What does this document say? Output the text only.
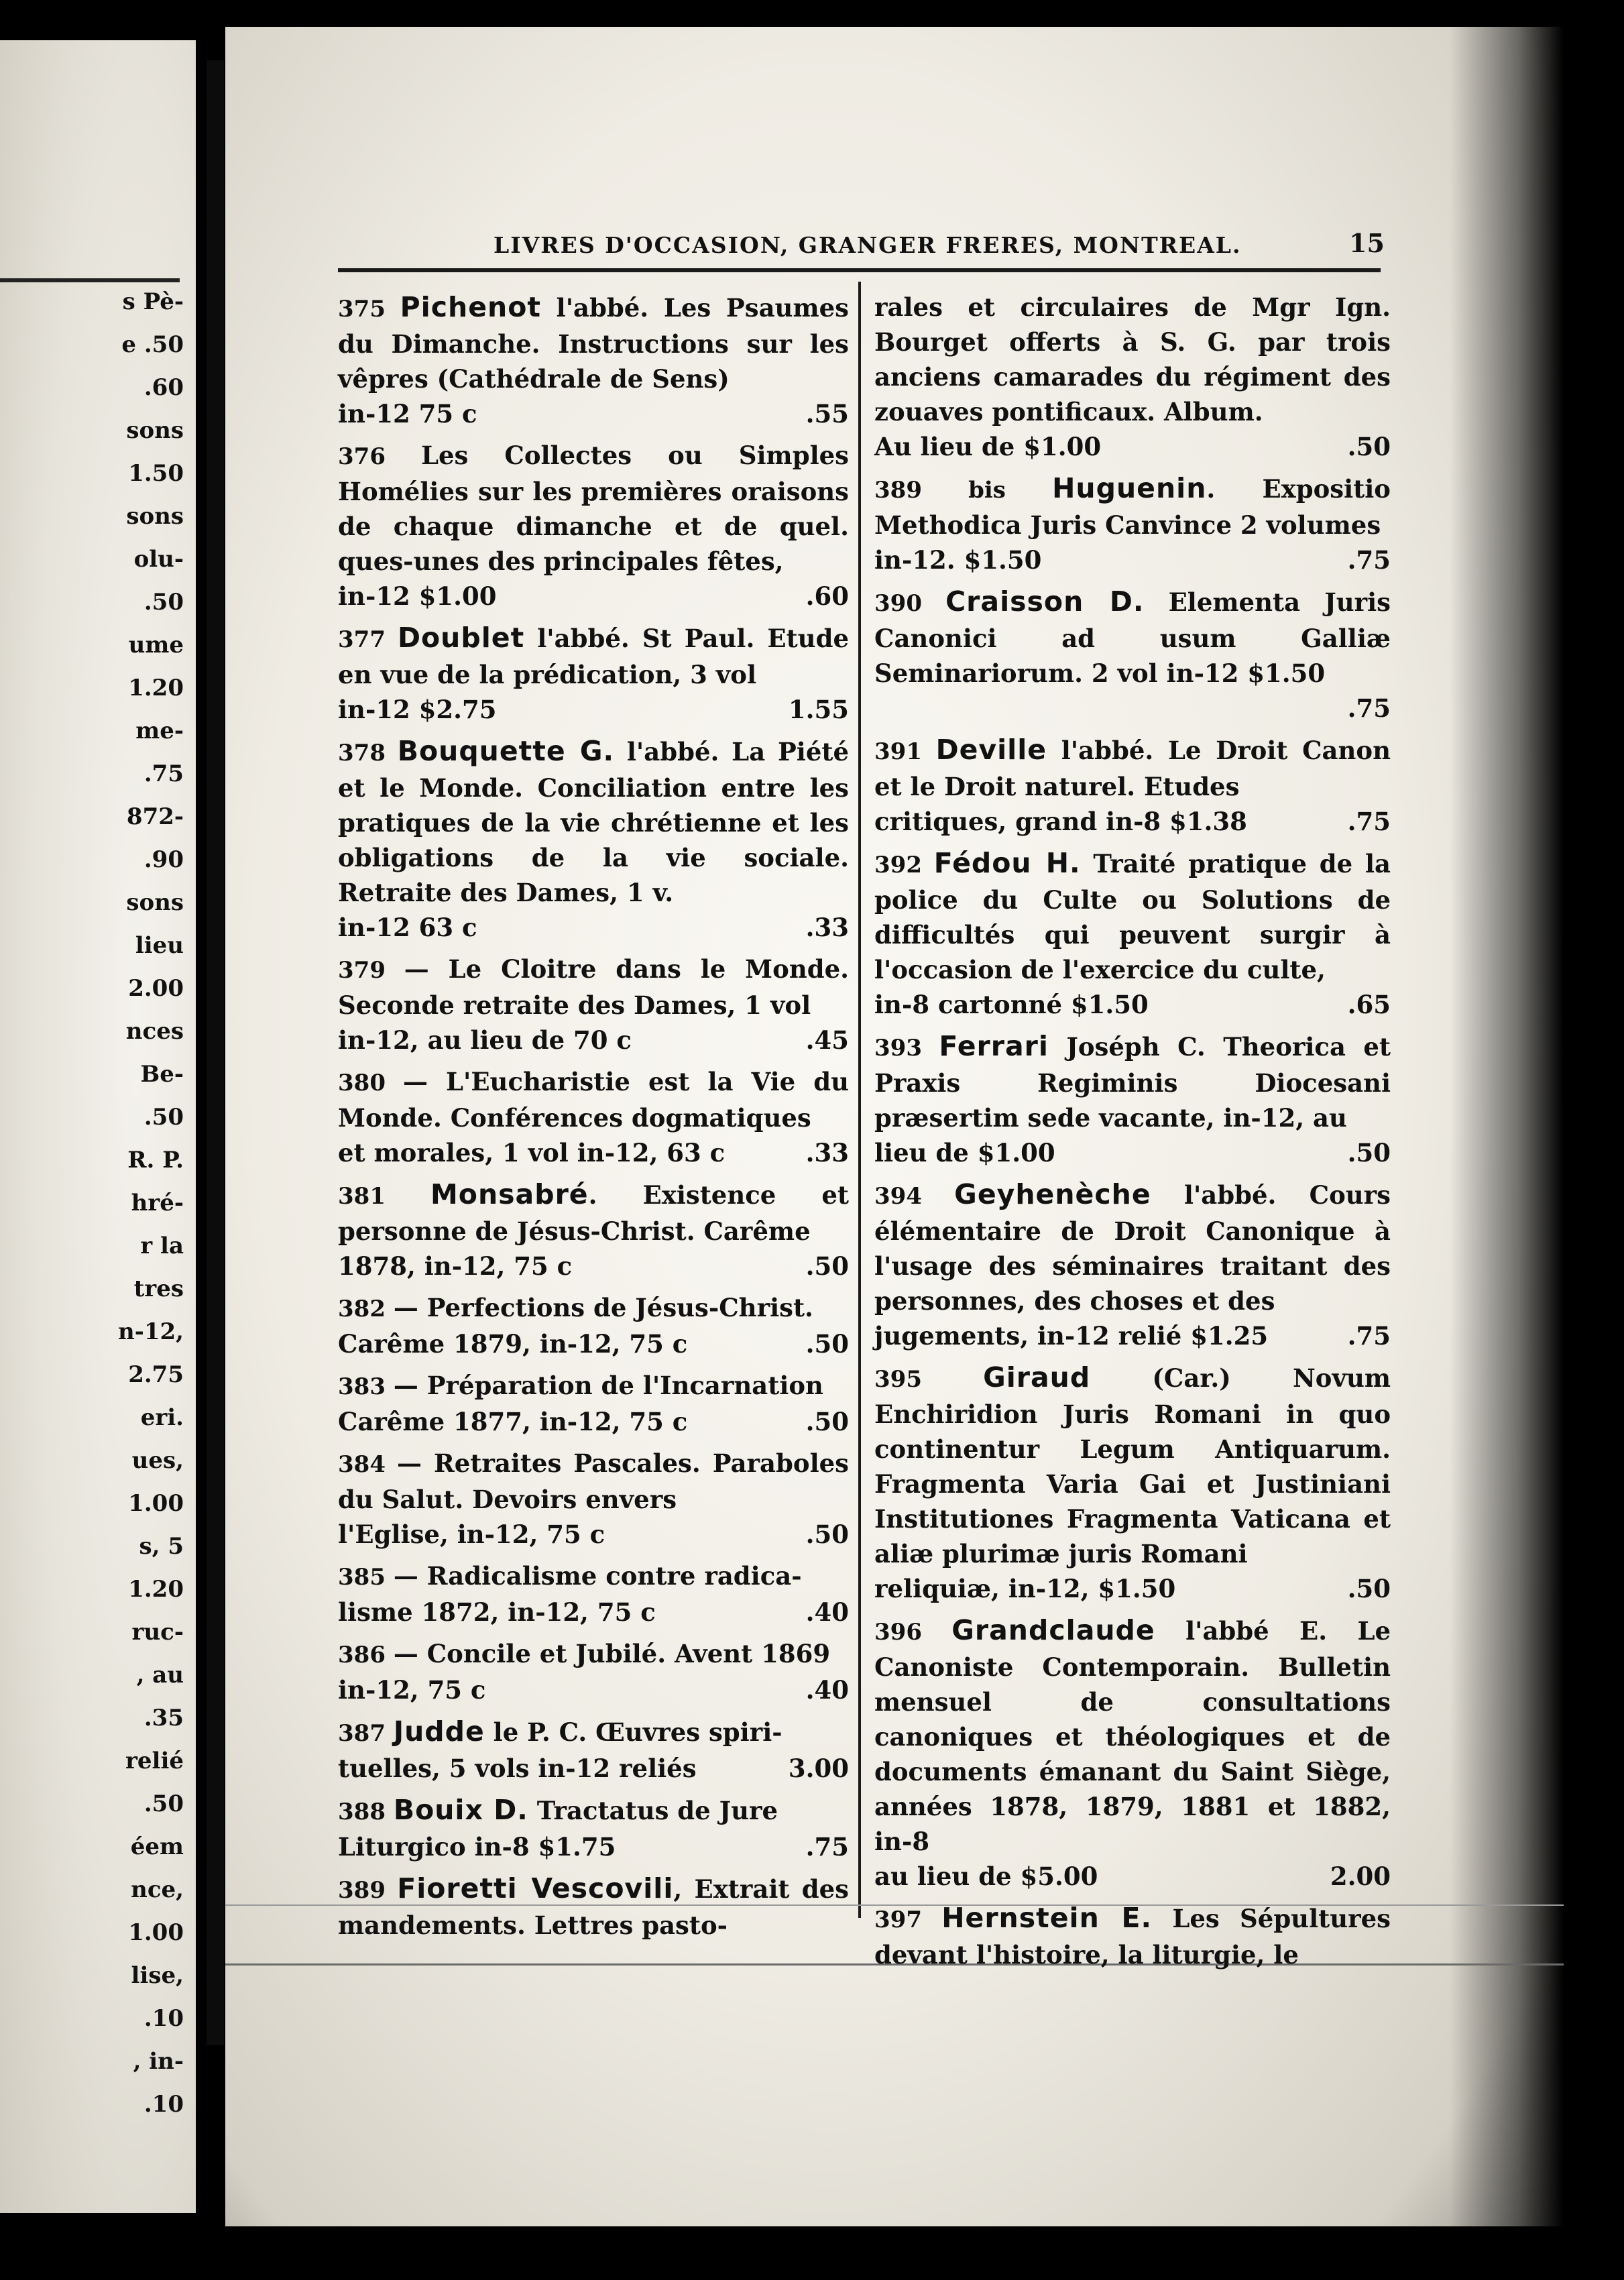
s Pè-
e .50
.60
sons
1.50
sons
olu-
.50
ume
1.20
me-
.75
872-
.90
sons
lieu
2.00
nces
Be-
.50
R. P.
hré-
r la
tres
n-12,
2.75
eri.
ues,
1.00
s, 5
1.20
ruc-
, au
.35
relié
.50
éem
nce,
1.00
lise,
.10
, in-
.10
LIVRES D'OCCASION, GRANGER FRERES, MONTREAL.	15
375 Pichenot l'abbé. Les Psaumes du Dimanche. Instructions sur les vêpres (Cathédrale de Sens)
in-12 75 c	.55
376 Les Collectes ou Simples Homélies sur les premières oraisons de chaque dimanche et de quel. ques-unes des principales fêtes,
in-12 $1.00	.60
377 Doublet l'abbé. St Paul. Etude en vue de la prédication, 3 vol
in-12 $2.75	1.55
378 Bouquette G. l'abbé. La Piété et le Monde. Conciliation entre les pratiques de la vie chrétienne et les obligations de la vie sociale. Retraite des Dames, 1 v.
in-12 63 c	.33
379 — Le Cloitre dans le Monde. Seconde retraite des Dames, 1 vol
in-12, au lieu de 70 c	.45
380 — L'Eucharistie est la Vie du Monde. Conférences dogmatiques
et morales, 1 vol in-12, 63 c	.33
381 Monsabré. Existence et personne de Jésus-Christ. Carême
1878, in-12, 75 c	.50
382 — Perfections de Jésus-Christ.
Carême 1879, in-12, 75 c	.50
383 — Préparation de l'Incarnation
Carême 1877, in-12, 75 c	.50
384 — Retraites Pascales. Paraboles du Salut. Devoirs envers
l'Eglise, in-12, 75 c	.50
385 — Radicalisme contre radica-
lisme 1872, in-12, 75 c	.40
386 — Concile et Jubilé. Avent 1869
in-12, 75 c	.40
387 Judde le P. C. Œuvres spiri-
tuelles, 5 vols in-12 reliés	3.00
388 Bouix D. Tractatus de Jure
Liturgico in-8 $1.75	.75
389 Fioretti Vescovili, Extrait des mandements. Lettres pasto-
rales et circulaires de Mgr Ign. Bourget offerts à S. G. par trois anciens camarades du régiment des zouaves pontificaux. Album.
Au lieu de $1.00	.50
389 bis Huguenin. Expositio Methodica Juris Canvince 2 volumes
in-12. $1.50	.75
390 Craisson D. Elementa Juris Canonici ad usum Galliæ Seminariorum. 2 vol in-12 $1.50
.75
391 Deville l'abbé. Le Droit Canon et le Droit naturel. Etudes
critiques, grand in-8 $1.38	.75
392 Fédou H. Traité pratique de la police du Culte ou Solutions de difficultés qui peuvent surgir à l'occasion de l'exercice du culte,
in-8 cartonné $1.50	.65
393 Ferrari Joséph C. Theorica et Praxis Regiminis Diocesani præsertim sede vacante, in-12, au
lieu de $1.00	.50
394 Geyhenèche l'abbé. Cours élémentaire de Droit Canonique à l'usage des séminaires traitant des personnes, des choses et des
jugements, in-12 relié $1.25	.75
395 Giraud (Car.) Novum Enchiridion Juris Romani in quo continentur Legum Antiquarum. Fragmenta Varia Gai et Justiniani Institutiones Fragmenta Vaticana et aliæ plurimæ juris Romani
reliquiæ, in-12, $1.50	.50
396 Grandclaude l'abbé E. Le Canoniste Contemporain. Bulletin mensuel de consultations canoniques et théologiques et de documents émanant du Saint Siège, années 1878, 1879, 1881 et 1882, in-8
au lieu de $5.00	2.00
397 Hernstein E. Les Sépultures devant l'histoire, la liturgie, le
